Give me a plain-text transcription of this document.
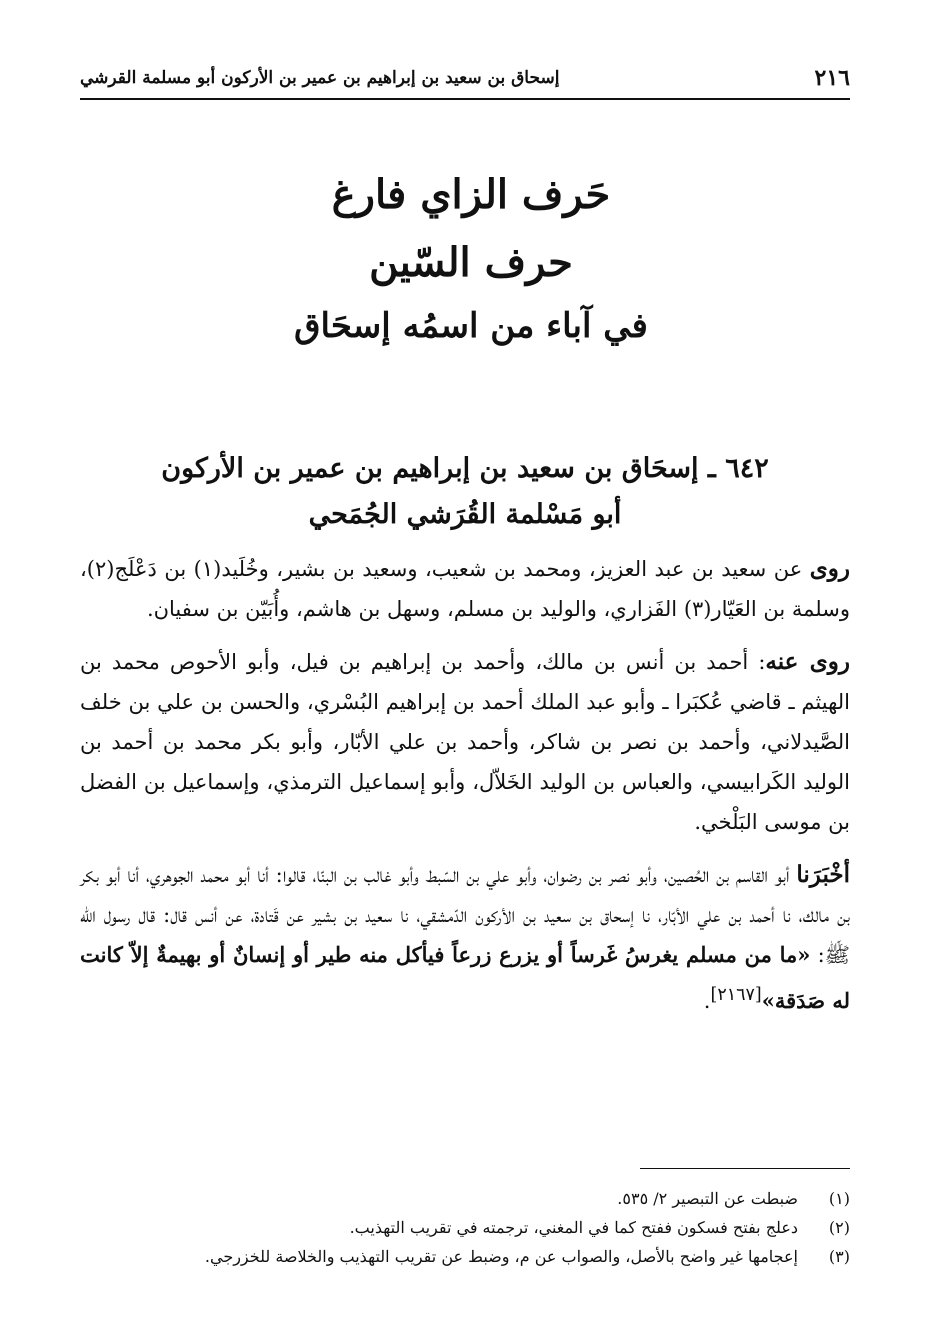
٢١٦
إسحاق بن سعيد بن إبراهيم بن عمير بن الأركون أبو مسلمة القرشي
حَرف الزاي فارغ
حرف السّين
في آباء من اسمُه إسحَاق
٦٤٢ ـ إسحَاق بن سعيد بن إبراهيم بن عمير بن الأركون
أبو مَسْلمة القُرَشي الجُمَحي

روى عن سعيد بن عبد العزيز، ومحمد بن شعيب، وسعيد بن بشير، وخُلَيد(١) بن دَعْلَج(٢)، وسلمة بن العَيّار(٣) الفَزاري، والوليد بن مسلم، وسهل بن هاشم، وأُبَيّن بن سفيان.

روى عنه: أحمد بن أنس بن مالك، وأحمد بن إبراهيم بن فيل، وأبو الأحوص محمد بن الهيثم ـ قاضي عُكبَرا ـ وأبو عبد الملك أحمد بن إبراهيم البُسْري، والحسن بن علي بن خلف الصَّيدلاني، وأحمد بن نصر بن شاكر، وأحمد بن علي الأبّار، وأبو بكر محمد بن أحمد بن الوليد الكَرابيسي، والعباس بن الوليد الخَلاّل، وأبو إسماعيل الترمذي، وإسماعيل بن الفضل بن موسى البَلْخي.

أخْبَرَنا أبو القاسم بن الحُصين، وأبو نصر بن رضوان، وأبو علي بن السّبط وأبو غالب بن البنّا، قالوا: أنا أبو محمد الجوهري، أنا أبو بكر بن مالك، نا أحمد بن علي الأبّار، نا إسحاق بن سعيد بن الأركون الدّمشقي، نا سعيد بن بشير عن قَتادة، عن أنس قال: قال رسول الله ﷺ: «ما من مسلم يغرسُ غَرساً أو يزرع زرعاً فيأكل منه طير أو إنسانٌ أو بهيمةٌ إلاّ كانت له صَدَقة»[٢١٦٧].

(١)
ضبطت عن التبصير ٢/ ٥٣٥.
(٢)
دعلج بفتح فسكون ففتح كما في المغني، ترجمته في تقريب التهذيب.
(٣)
إعجامها غير واضح بالأصل، والصواب عن م، وضبط عن تقريب التهذيب والخلاصة للخزرجي.
